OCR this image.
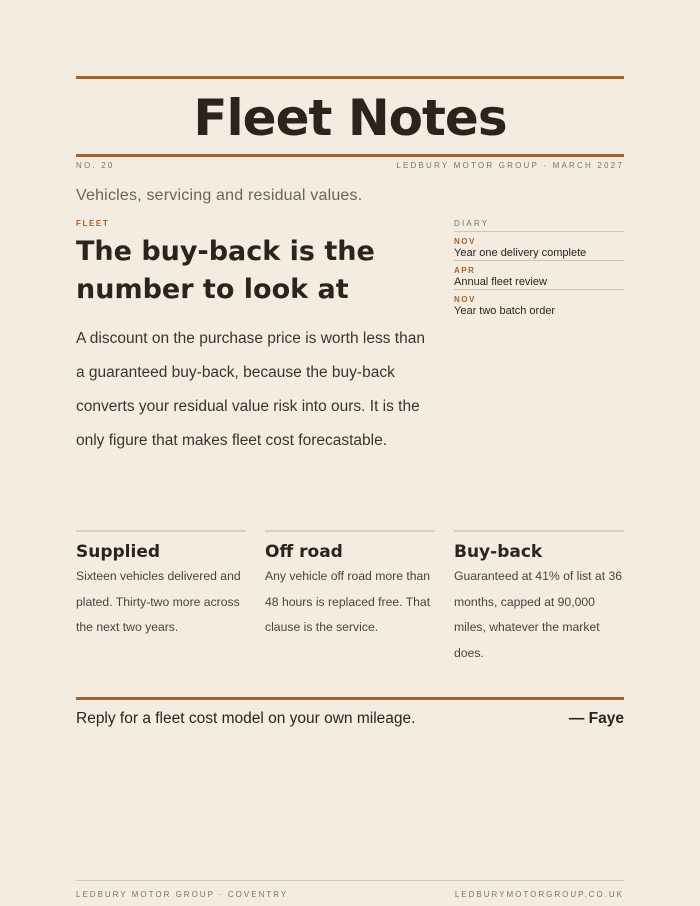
Fleet Notes
NO. 20	LEDBURY MOTOR GROUP · MARCH 2027
Vehicles, servicing and residual values.
FLEET
The buy-back is the number to look at

A discount on the purchase price is worth less than a guaranteed buy-back, because the buy-back converts your residual value risk into ours. It is the only figure that makes fleet cost forecastable.

DIARY
NOV
Year one delivery complete
APR
Annual fleet review
NOV
Year two batch order
Supplied

Sixteen vehicles delivered and plated. Thirty-two more across the next two years.

Off road

Any vehicle off road more than 48 hours is replaced free. That clause is the service.

Buy-back

Guaranteed at 41% of list at 36 months, capped at 90,000 miles, whatever the market does.

Reply for a fleet cost model on your own mileage.	— Faye
LEDBURY MOTOR GROUP · COVENTRY	LEDBURYMOTORGROUP.CO.UK
